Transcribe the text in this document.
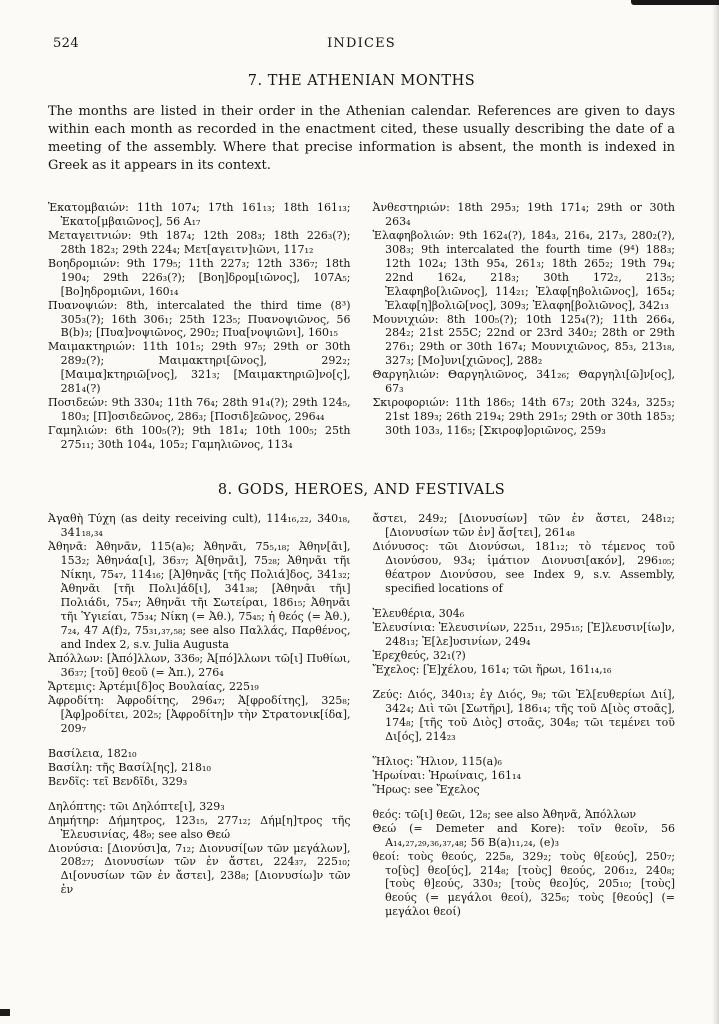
524	INDICES
7. THE ATHENIAN MONTHS

The months are listed in their order in the Athenian calendar. References are given to days within each month as recorded in the enactment cited, these usually describing the date of a meeting of the assembly. Where that precise information is absent, the month is indexed in Greek as it appears in its context.

Ἑκατομβαιών: 11th 107₄; 17th 161₁₃; 18th 161₁₃; Ἑκατο[μβαιῶνος], 56 A₁₇

Μεταγειτνιών: 9th 187₄; 12th 208₃; 18th 226₃(?); 28th 182₃; 29th 224₄; Μετ[αγειτν]ιῶνι, 117₁₂

Βοηδρομιών: 9th 179₅; 11th 227₃; 12th 336₇; 18th 190₄; 29th 226₃(?); [Βοη]δρομ[ιῶνος], 107A₅; [Βο]ηδρομιῶνι, 160₁₄

Πυανοψιών: 8th, intercalated the third time (8³) 305₃(?); 16th 306₁; 25th 123₅; Πυανοψιῶνος, 56 B(b)₃; [Πυα]νοψιῶνος, 290₂; Πυα[νοψιῶνι], 160₁₅

Μαιμακτηριών: 11th 101₅; 29th 97₅; 29th or 30th 289₂(?); Μαιμακτηρι[ῶνος], 292₂; [Μαιμα]κτηριῶ[νος], 321₃; [Μαιμακτηριῶ]νο[ς], 281₄(?)

Ποσιδεών: 9th 330₄; 11th 76₄; 28th 91₄(?); 29th 124₅, 180₃; [Π]οσιδεῶνος, 286₃; [Ποσιδ]εῶνος, 296₄₄

Γαμηλιών: 6th 100₅(?); 9th 181₄; 10th 100₅; 25th 275₁₁; 30th 104₄, 105₂; Γαμηλιῶνος, 113₄

Ἀνθεστηριών: 18th 295₃; 19th 171₄; 29th or 30th 263₄

Ἐλαφηβολιών: 9th 162₄(?), 184₃, 216₄, 217₃, 280₂(?), 308₃; 9th intercalated the fourth time (9⁴) 188₃; 12th 102₄; 13th 95₄, 261₃; 18th 265₂; 19th 79₄; 22nd 162₄, 218₃; 30th 172₂, 213₅; Ἐλαφηβο[λιῶνος], 114₂₁; Ἐλαφ[ηβολιῶνος], 165₄; Ἐλαφ[η]βολιῶ[νος], 309₃; Ἐλαφη[βολιῶνος], 342₁₃

Μουνιχιών: 8th 100₅(?); 10th 125₄(?); 11th 266₄, 284₂; 21st 255C; 22nd or 23rd 340₂; 28th or 29th 276₁; 29th or 30th 167₄; Μουνιχιῶνος, 85₃, 213₁₈, 327₃; [Μο]υνι[χιῶνος], 288₂

Θαργηλιών: Θαργηλιῶνος, 341₂₆; Θαργηλι[ῶ]ν[ος], 67₃

Σκιροφοριών: 11th 186₅; 14th 67₃; 20th 324₃, 325₃; 21st 189₃; 26th 219₄; 29th 291₅; 29th or 30th 185₃; 30th 103₃, 116₅; [Σκιροφ]οριῶνος, 259₃

8. GODS, HEROES, AND FESTIVALS

Ἀγαθὴ Τύχη (as deity receiving cult), 114₁₆,₂₂, 340₁₈, 341₁₈,₃₄

Ἀθηνᾶ: Ἀθηνᾶν, 115(a)₆; Ἀθηνᾶι, 75₅,₁₈; Ἀθην[ᾶι], 153₂; Ἀθηνάα[ι], 36₃₇; Ἀ[θηνᾶι], 75₂₈; Ἀθηνᾶι τῆι Νίκηι, 75₄₇, 114₁₆; [Ἀ]θηνᾶς [τῆς Πολιά]δος, 341₃₂; Ἀθηνᾶι [τῆι Πολι]άδ[ι], 341₃₈; [Ἀθηνᾶι τῆι] Πολιάδι, 75₄₇; Ἀθηνᾶι τῆι Σωτείραι, 186₁₅; Ἀθηνᾶι τῆι Ὑγιείαι, 75₃₄; Νίκη (= Ἀθ.), 75₄₅; ἡ θεός (= Ἀθ.), 7₂₄, 47 A(f)₂, 75₃₁,₃₇,₅₈; see also Παλλάς, Παρθένος, and Index 2, s.v. Julia Augusta

Ἀπόλλων: [Ἀπό]λλων, 336₉; Ἀ[πό]λλωνι τῶ[ι] Πυθίωι, 36₃₇; [τοῦ] θεοῦ (= Ἀπ.), 276₄

Ἄρτεμις: Ἀρτέμι[δ]ος Βουλαίας, 225₁₉

Ἀφροδίτη: Ἀφροδίτης, 296₄₇; Ἀ[φροδίτης], 325₈; [Ἀφ]ροδίτει, 202₅; [Ἀφροδίτη]ν τὴν Στρατονικ[ίδα], 209₇

Βασίλεια, 182₁₀

Βασίλη: τῆς Βασίλ[ης], 218₁₀

Βενδῖς: τεῖ Βενδῖδι, 329₃

Δηλόπτης: τῶι Δηλόπτε[ι], 329₃

Δημήτηρ: Δήμητρος, 123₁₅, 277₁₂; Δήμ[η]τρος τῆς Ἐλευσινίας, 48₉; see also Θεώ

Διονύσια: [Διονύσι]α, 7₁₂; Διονυσί[ων τῶν μεγάλων], 208₂₇; Διονυσίων τῶν ἐν ἄστει, 224₃₇, 225₁₀; Δι[ονυσίων τῶν ἐν ἄστει], 238₈; [Διονυσίω]ν τῶν ἐν

ἄστει, 249₂; [Διονυσίων] τῶν ἐν ἄστει, 248₁₂; [Διονυσίων τῶν ἐν] ἄσ[τει], 261₄₈

Διόνυσος: τῶι Διονύσωι, 181₁₂; τὸ τέμενος τοῦ Διονύσου, 93₄; ἱμάτιον Διονυσι[ακόν], 296₁₀₅; θέατρον Διονύσου, see Index 9, s.v. Assembly, specified locations of

Ἐλευθέρια, 304₆

Ἐλευσίνια: Ἐλευσινίων, 225₁₁, 295₁₅; [Ἐ]λευσιν[ίω]ν, 248₁₃; Ἐ[λε]υσινίων, 249₄

Ἐρεχθεύς, 32₁(?)

Ἔχελος: [Ἐ]χέλου, 161₄; τῶι ἥρωι, 161₁₄,₁₆

Ζεύς: Διός, 340₁₃; ἐγ Διός, 9₈; τῶι Ἐλ[ευθερίωι Διί], 342₄; Διὶ τῶι [Σωτῆρι], 186₁₄; τῆς τοῦ Δ[ιὸς στοᾶς], 174₈; [τῆς τοῦ Διὸς] στοᾶς, 304₈; τῶι τεμένει τοῦ Δι[ός], 214₂₃

Ἥλιος: Ἥλιον, 115(a)₆

Ἡρωίναι: Ἡρωίναις, 161₁₄

Ἥρως: see Ἔχελος

θεός: τῶ[ι] θεῶι, 12₈; see also Ἀθηνᾶ, Ἀπόλλων

Θεώ (= Demeter and Kore): τοῖν θεοῖν, 56 A₁₄,₂₇,₂₉,₃₆,₃₇,₄₈; 56 B(a)₁₁,₂₄, (e)₃

θεοί: τοὺς θεούς, 225₈, 329₂; τοὺς θ[εούς], 250₇; το[ὺς] θεο[ύς], 214₈; [τοὺς] θεούς, 206₁₂, 240₈; [τοὺς θ]εούς, 330₃; [τοὺς θεο]ύς, 205₁₀; [τοὺς] θεούς (= μεγάλοι θεοί), 325₆; τοὺς [θεούς] (= μεγάλοι θεοί)
